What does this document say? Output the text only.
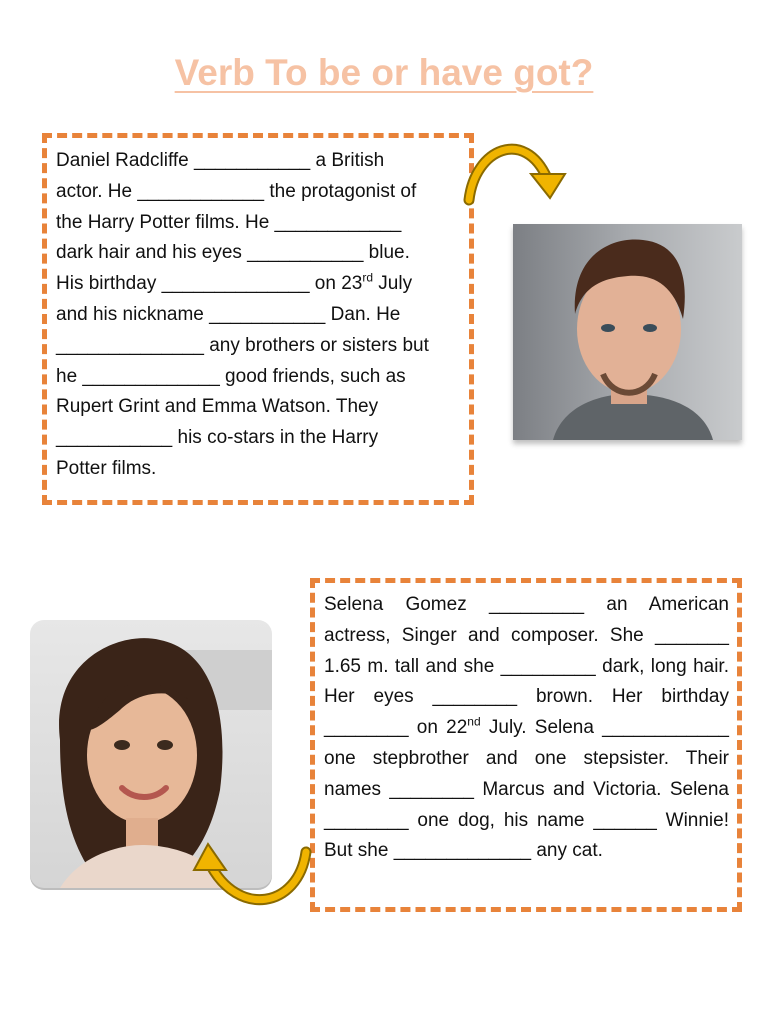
Verb To be or have got?

Daniel Radcliffe ___________ a British
actor. He ____________ the protagonist of
the Harry Potter films. He ____________
dark hair and his eyes ___________ blue.
His birthday ______________ on 23rd July
and his nickname ___________ Dan. He
______________ any brothers or sisters but
he _____________ good friends, such as
Rupert Grint and Emma Watson. They
___________ his co-stars in the Harry
Potter films.

Selena Gomez _________ an American actress, Singer and composer. She _______ 1.65 m. tall and she _________ dark, long hair. Her eyes ________ brown. Her birthday ________ on 22nd July. Selena ____________ one stepbrother and one stepsister. Their names ________ Marcus and Victoria. Selena ________ one dog, his name ______ Winnie! But she _____________ any cat.
